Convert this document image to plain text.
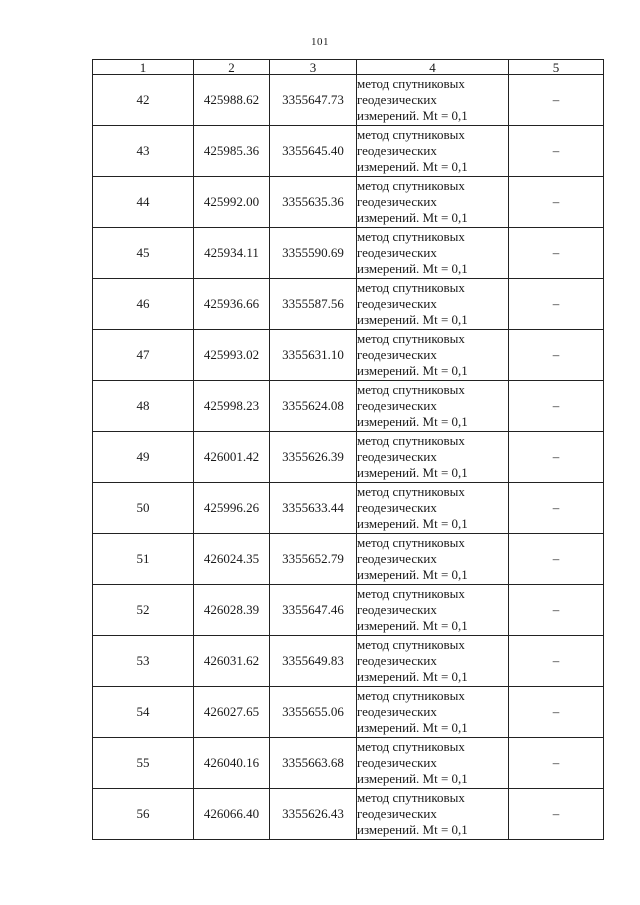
101
1	2	3	4	5
42	425988.62	3355647.73	метод спутниковых
геодезических
измерений. Mt = 0,1	–
43	425985.36	3355645.40	метод спутниковых
геодезических
измерений. Mt = 0,1	–
44	425992.00	3355635.36	метод спутниковых
геодезических
измерений. Mt = 0,1	–
45	425934.11	3355590.69	метод спутниковых
геодезических
измерений. Mt = 0,1	–
46	425936.66	3355587.56	метод спутниковых
геодезических
измерений. Mt = 0,1	–
47	425993.02	3355631.10	метод спутниковых
геодезических
измерений. Mt = 0,1	–
48	425998.23	3355624.08	метод спутниковых
геодезических
измерений. Mt = 0,1	–
49	426001.42	3355626.39	метод спутниковых
геодезических
измерений. Mt = 0,1	–
50	425996.26	3355633.44	метод спутниковых
геодезических
измерений. Mt = 0,1	–
51	426024.35	3355652.79	метод спутниковых
геодезических
измерений. Mt = 0,1	–
52	426028.39	3355647.46	метод спутниковых
геодезических
измерений. Mt = 0,1	–
53	426031.62	3355649.83	метод спутниковых
геодезических
измерений. Mt = 0,1	–
54	426027.65	3355655.06	метод спутниковых
геодезических
измерений. Mt = 0,1	–
55	426040.16	3355663.68	метод спутниковых
геодезических
измерений. Mt = 0,1	–
56	426066.40	3355626.43	метод спутниковых
геодезических
измерений. Mt = 0,1	–
